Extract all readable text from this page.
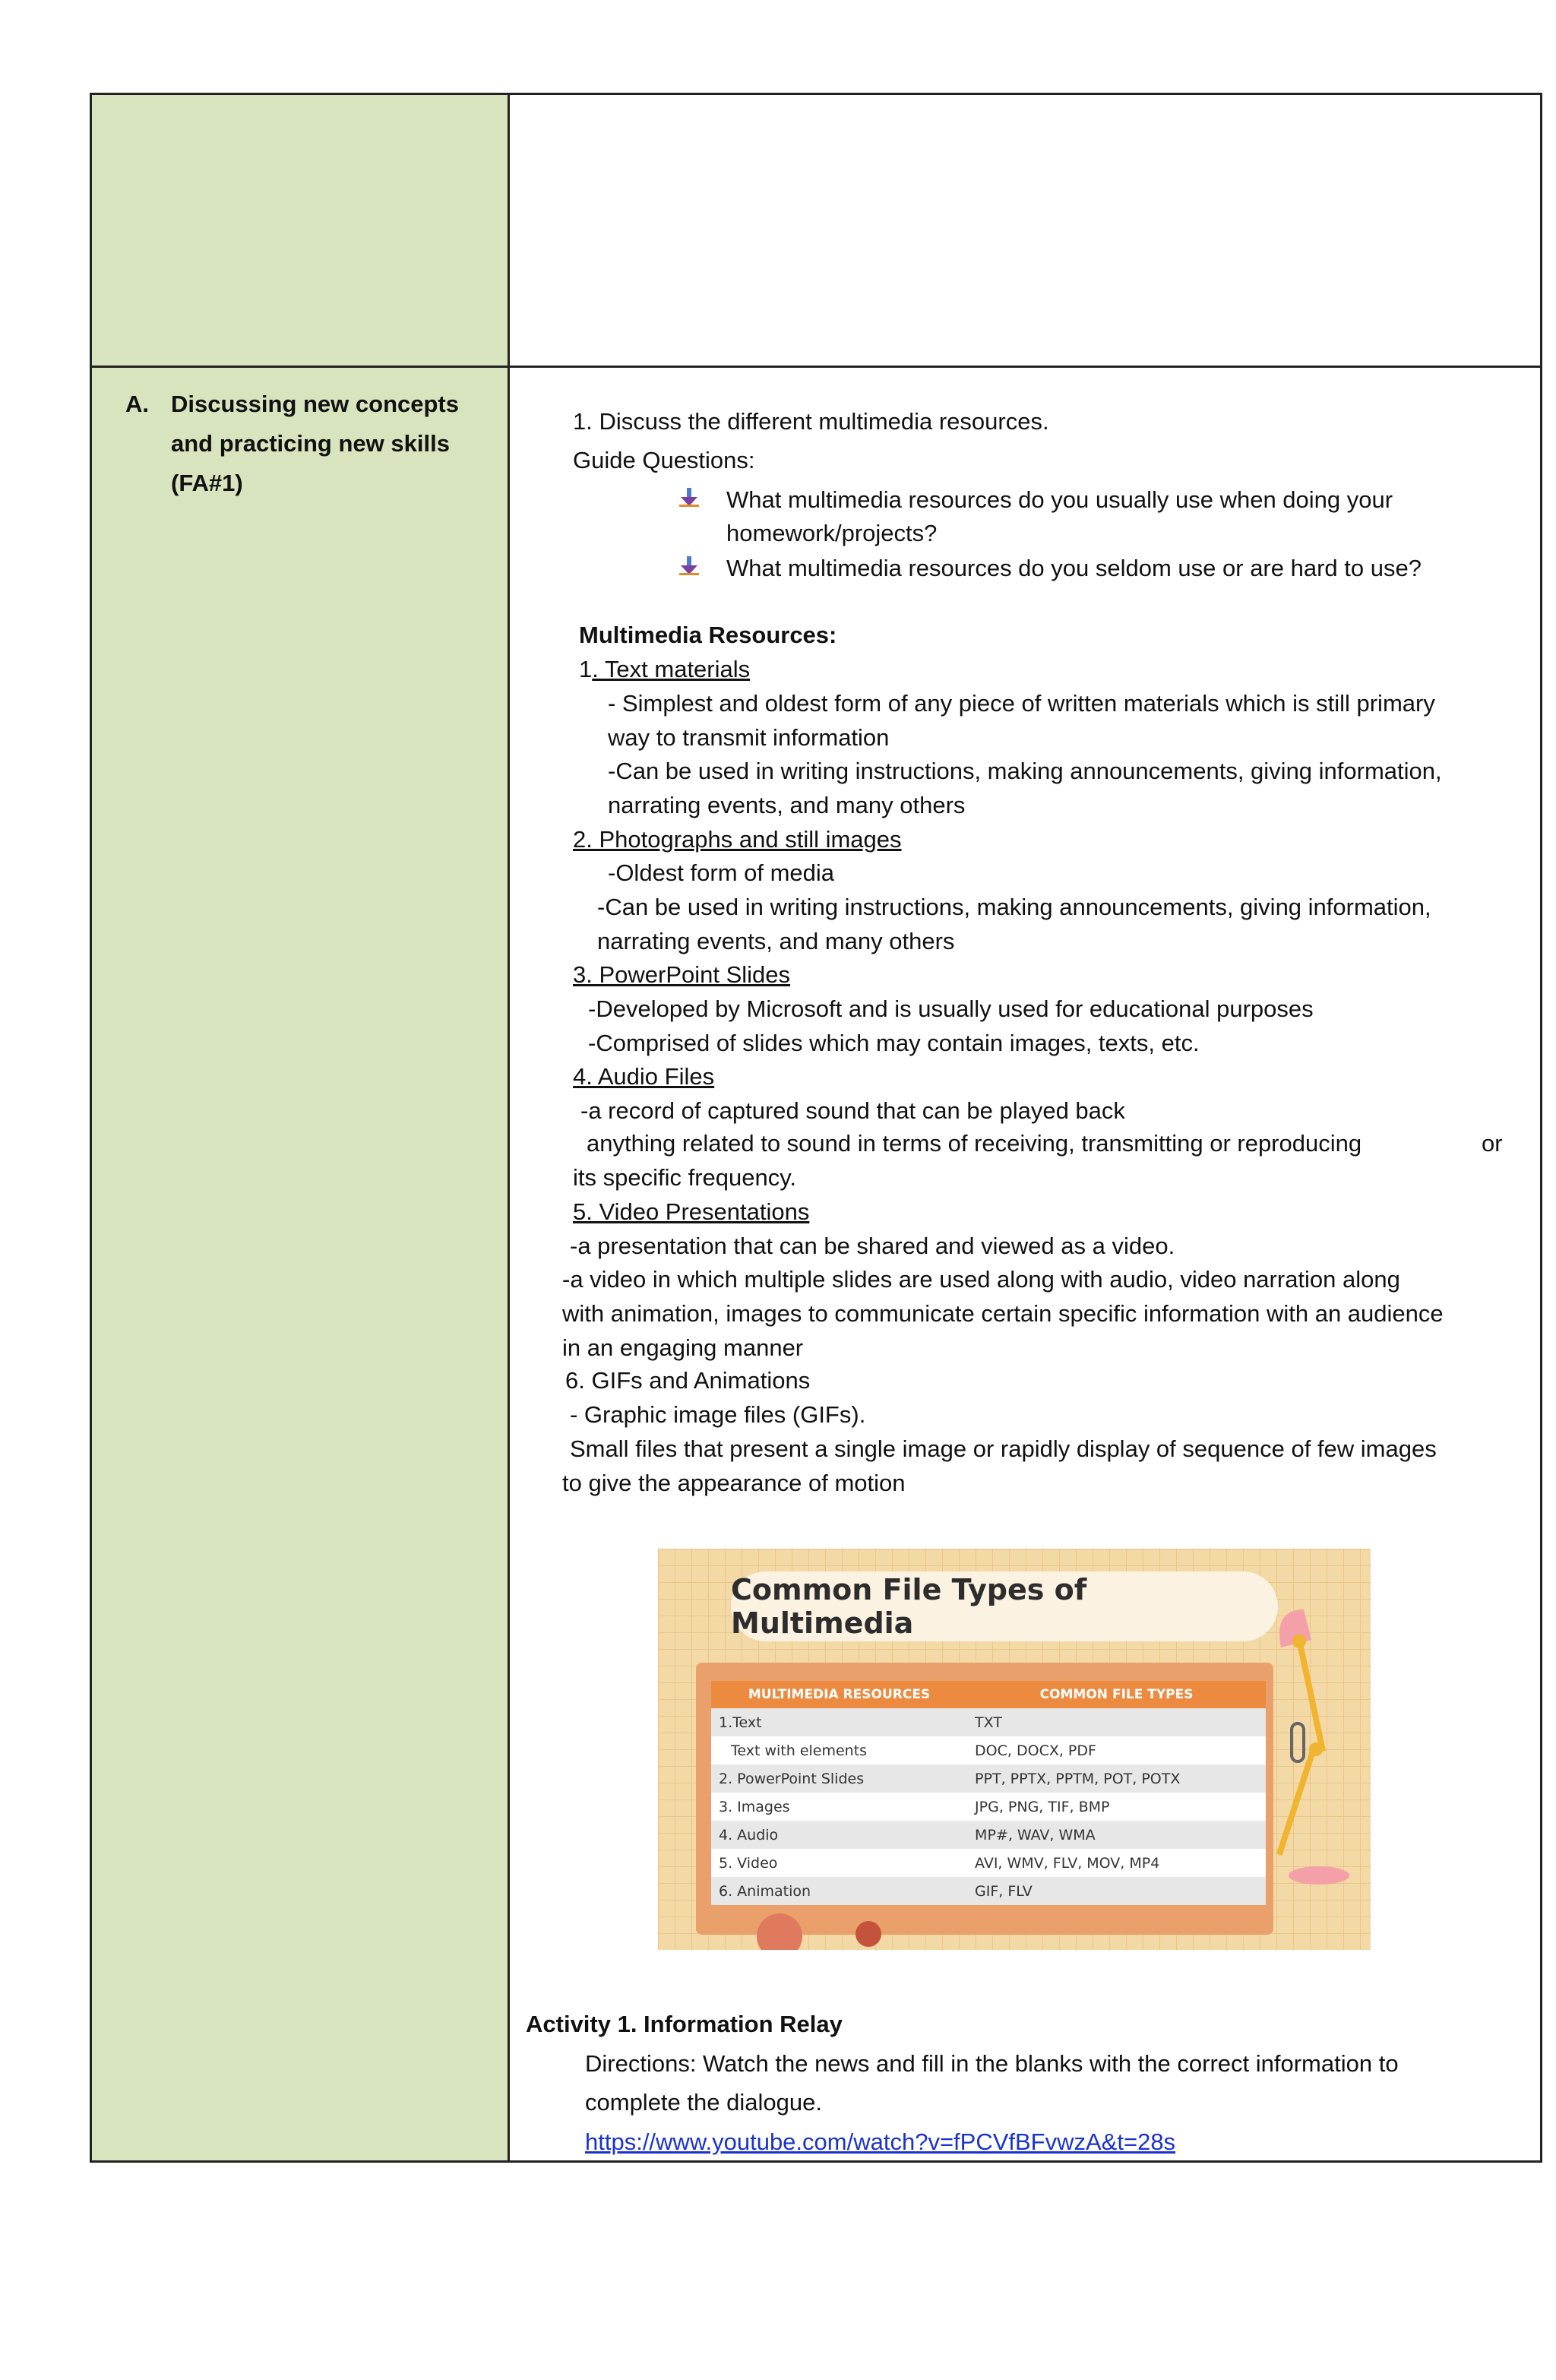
A. Discussing new concepts
and practicing new skills
(FA#1)
1. Discuss the different multimedia resources.
Guide Questions:
What multimedia resources do you usually use when doing your
homework/projects?
What multimedia resources do you seldom use or are hard to use?
Multimedia Resources:
1. Text materials
- Simplest and oldest form of any piece of written materials which is still primary
way to transmit information
-Can be used in writing instructions, making announcements, giving information,
narrating events, and many others
2. Photographs and still images
-Oldest form of media
-Can be used in writing instructions, making announcements, giving information,
narrating events, and many others
3. PowerPoint Slides
-Developed by Microsoft and is usually used for educational purposes
-Comprised of slides which may contain images, texts, etc.
4. Audio Files
-a record of captured sound that can be played back
anything related to sound in terms of receiving, transmitting or reproducing	or
its specific frequency.
5. Video Presentations
-a presentation that can be shared and viewed as a video.
-a video in which multiple slides are used along with audio, video narration along
with animation, images to communicate certain specific information with an audience
in an engaging manner
6. GIFs and Animations
- Graphic image files (GIFs).
Small files that present a single image or rapidly display of sequence of few images
to give the appearance of motion
Common File Types of Multimedia
MULTIMEDIA RESOURCES	COMMON FILE TYPES
1.Text	TXT
Text with elements	DOC, DOCX, PDF
2. PowerPoint Slides	PPT, PPTX, PPTM, POT, POTX
3. Images	JPG, PNG, TIF, BMP
4. Audio	MP#, WAV, WMA
5. Video	AVI, WMV, FLV, MOV, MP4
6. Animation	GIF, FLV
Activity 1. Information Relay
Directions: Watch the news and fill in the blanks with the correct information to
complete the dialogue.
https://www.youtube.com/watch?v=fPCVfBFvwzA&t=28s
